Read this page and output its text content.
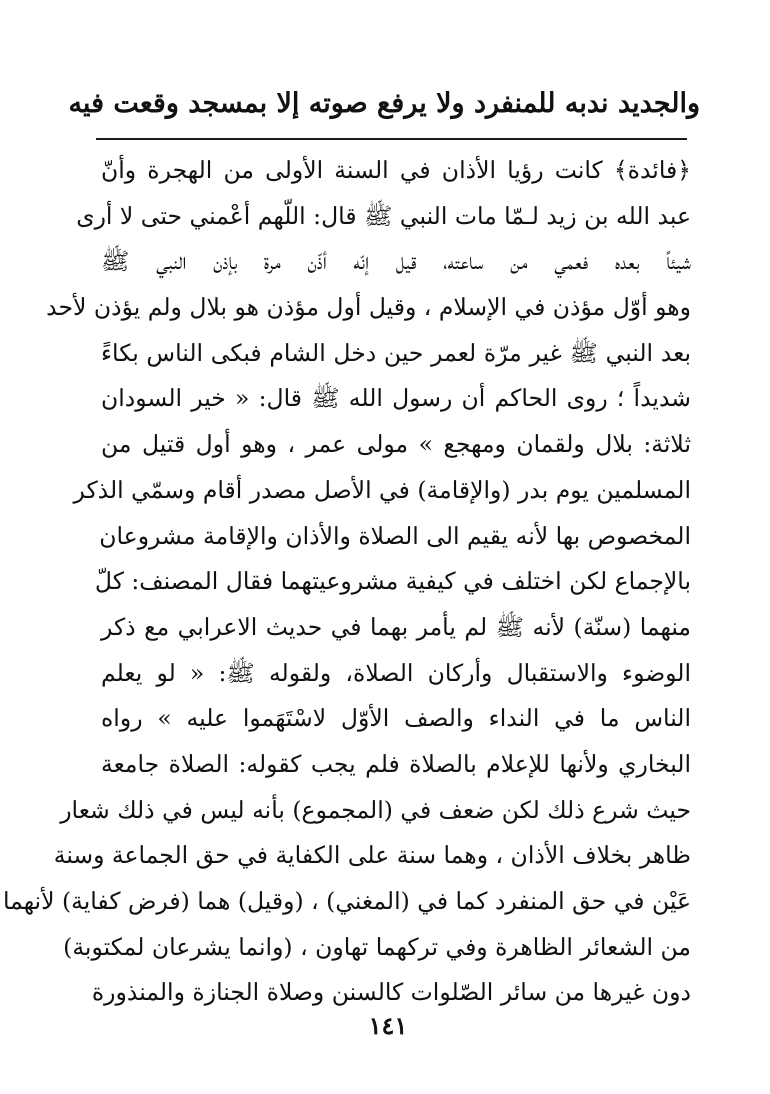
والجديد ندبه للمنفرد ولا يرفع صوته إلا بمسجد وقعت فيه
﴿فائدة﴾ كانت رؤيا الأذان في السنة الأولى من الهجرة وأنّ
عبد الله بن زيد لـمّا مات النبي ﷺ قال: اللّهم أعْمني حتى لا أرى
شيئاً بعده فعمي من ساعته، قيل إنّه أذّن مرة بإذن النبي ﷺ
وهو أوّل مؤذن في الإسلام ، وقيل أول مؤذن هو بلال ولم يؤذن لأحد
بعد النبي ﷺ غير مرّة لعمر حين دخل الشام فبكى الناس بكاءً
شديداً ؛ روى الحاكم أن رسول الله ﷺ قال: « خير السودان
ثلاثة: بلال ولقمان ومهجع » مولى عمر ، وهو أول قتيل من
المسلمين يوم بدر (والإقامة) في الأصل مصدر أقام وسمّي الذكر
المخصوص بها لأنه يقيم الى الصلاة والأذان والإقامة مشروعان
بالإجماع لكن اختلف في كيفية مشروعيتهما فقال المصنف: كلّ
منهما (سنّة) لأنه ﷺ لم يأمر بهما في حديث الاعرابي مع ذكر
الوضوء والاستقبال وأركان الصلاة، ولقوله ﷺ: « لو يعلم
الناس ما في النداء والصف الأوّل لاسْتَهَموا عليه » رواه
البخاري ولأنها للإعلام بالصلاة فلم يجب كقوله: الصلاة جامعة
حيث شرع ذلك لكن ضعف في (المجموع) بأنه ليس في ذلك شعار
ظاهر بخلاف الأذان ، وهما سنة على الكفاية في حق الجماعة وسنة
عَيْن في حق المنفرد كما في (المغني) ، (وقيل) هما (فرض كفاية) لأنهما
من الشعائر الظاهرة وفي تركهما تهاون ، (وانما يشرعان لمكتوبة)
دون غيرها من سائر الصّلوات كالسنن وصلاة الجنازة والمنذورة
١٤١
